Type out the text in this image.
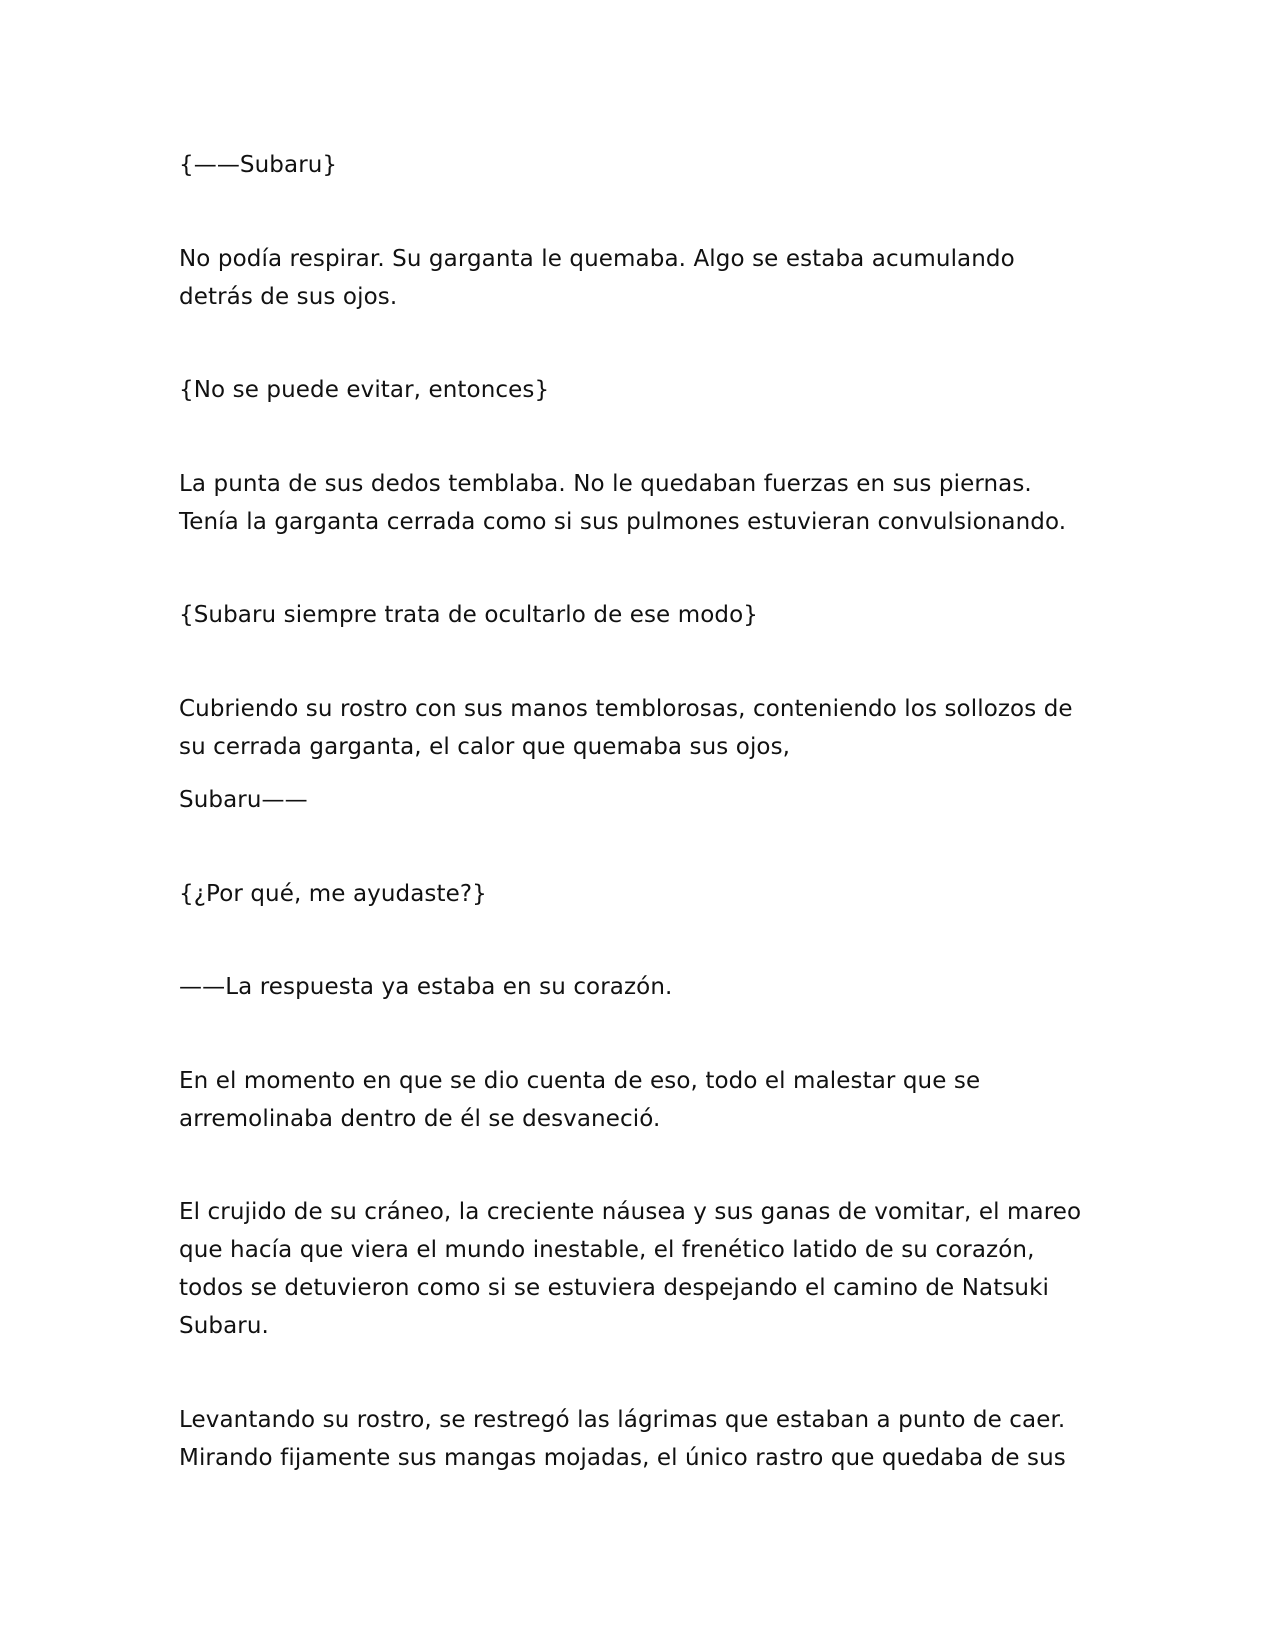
{——Subaru}

No podía respirar. Su garganta le quemaba. Algo se estaba acumulando
detrás de sus ojos.

{No se puede evitar, entonces}

La punta de sus dedos temblaba. No le quedaban fuerzas en sus piernas.
Tenía la garganta cerrada como si sus pulmones estuvieran convulsionando.

{Subaru siempre trata de ocultarlo de ese modo}

Cubriendo su rostro con sus manos temblorosas, conteniendo los sollozos de
su cerrada garganta, el calor que quemaba sus ojos,

Subaru——

{¿Por qué, me ayudaste?}

——La respuesta ya estaba en su corazón.

En el momento en que se dio cuenta de eso, todo el malestar que se
arremolinaba dentro de él se desvaneció.

El crujido de su cráneo, la creciente náusea y sus ganas de vomitar, el mareo
que hacía que viera el mundo inestable, el frenético latido de su corazón,
todos se detuvieron como si se estuviera despejando el camino de Natsuki
Subaru.

Levantando su rostro, se restregó las lágrimas que estaban a punto de caer.
Mirando fijamente sus mangas mojadas, el único rastro que quedaba de sus
